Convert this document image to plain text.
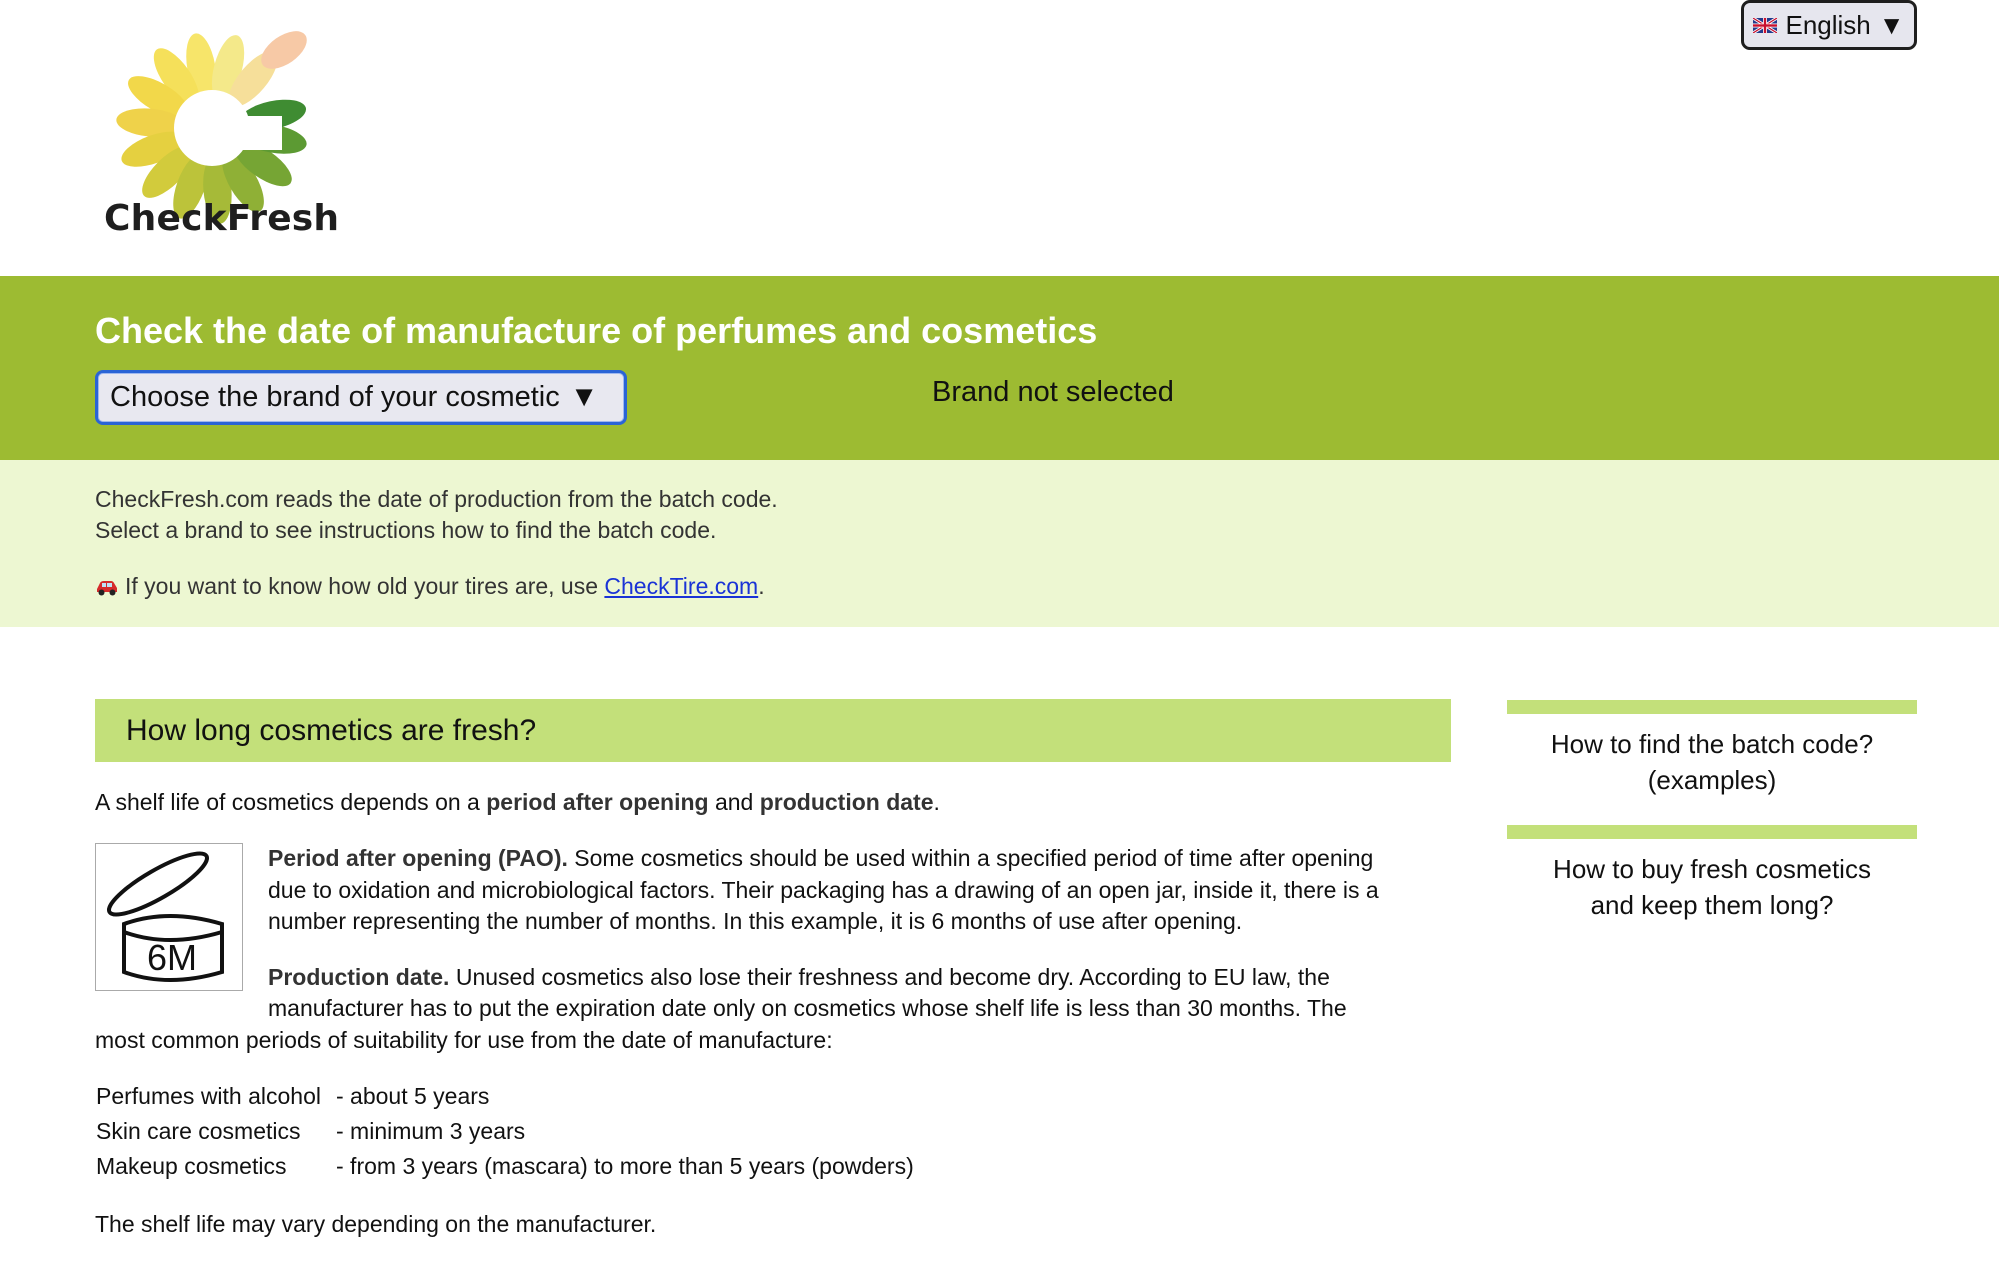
CheckFresh
English ▼
Check the date of manufacture of perfumes and cosmetics
Choose the brand of your cosmetic ▼	Brand not selected

CheckFresh.com reads the date of production from the batch code.

Select a brand to see instructions how to find the batch code.

If you want to know how old your tires are, use CheckTire.com.

How long cosmetics are fresh?

A shelf life of cosmetics depends on a period after opening and production date.

6M

Period after opening (PAO). Some cosmetics should be used within a specified period of time after opening

due to oxidation and microbiological factors. Their packaging has a drawing of an open jar, inside it, there is a

number representing the number of months. In this example, it is 6 months of use after opening.

Production date. Unused cosmetics also lose their freshness and become dry. According to EU law, the

manufacturer has to put the expiration date only on cosmetics whose shelf life is less than 30 months. The

most common periods of suitability for use from the date of manufacture:

Perfumes with alcohol - about 5 years
Skin care cosmetics - minimum 3 years
Makeup cosmetics - from 3 years (mascara) to more than 5 years (powders)

The shelf life may vary depending on the manufacturer.

How to find the batch code?
(examples)
How to buy fresh cosmetics
and keep them long?
